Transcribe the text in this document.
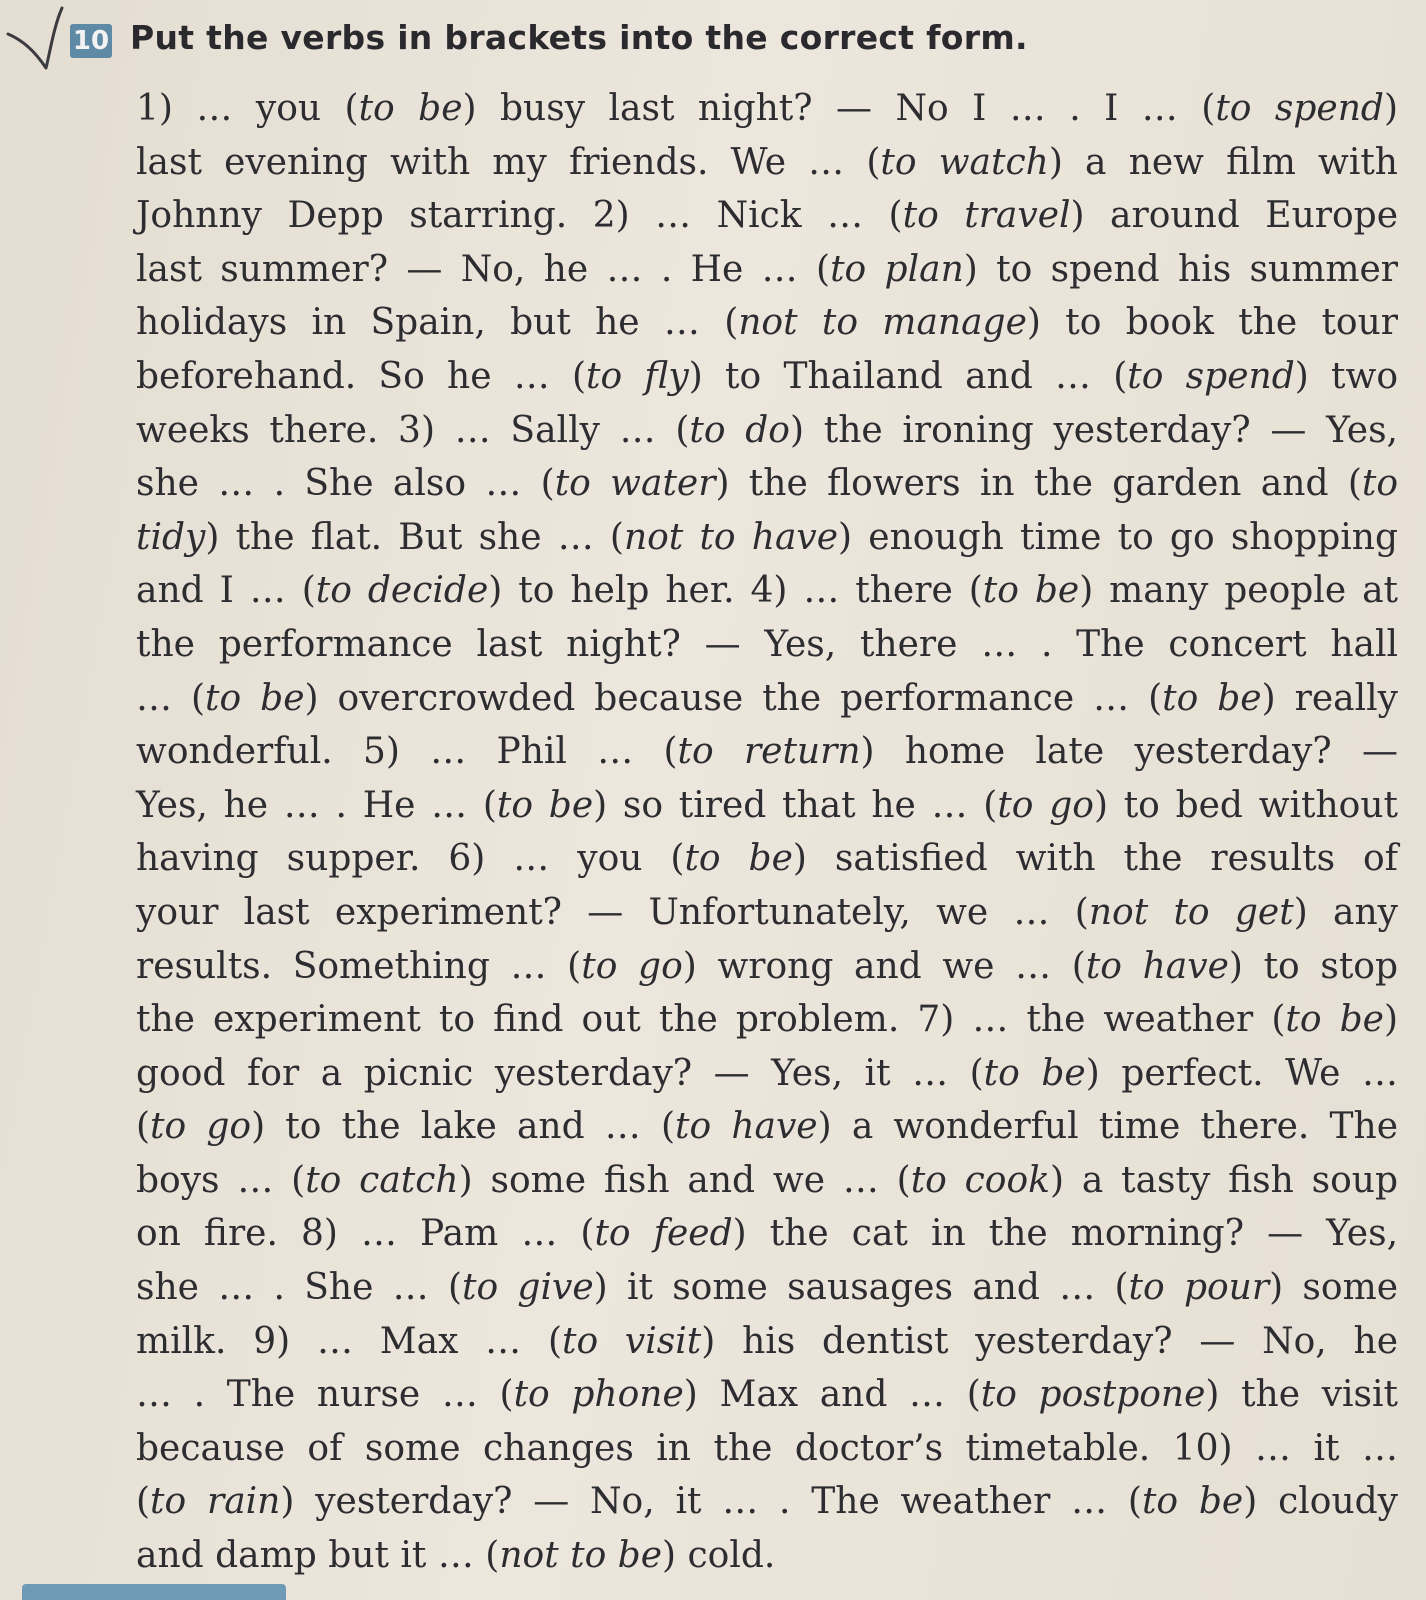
10 Put the verbs in brackets into the correct form.
1) … you (to be) busy last night? — No I … . I … (to spend)
last evening with my friends. We … (to watch) a new film with
Johnny Depp starring. 2) … Nick … (to travel) around Europe
last summer? — No, he … . He … (to plan) to spend his summer
holidays in Spain, but he … (not to manage) to book the tour
beforehand. So he … (to fly) to Thailand and … (to spend) two
weeks there. 3) … Sally … (to do) the ironing yesterday? — Yes,
she … . She also … (to water) the flowers in the garden and (to
tidy) the flat. But she … (not to have) enough time to go shopping
and I … (to decide) to help her. 4) … there (to be) many people at
the performance last night? — Yes, there … . The concert hall
… (to be) overcrowded because the performance … (to be) really
wonderful. 5) … Phil … (to return) home late yesterday? —
Yes, he … . He … (to be) so tired that he … (to go) to bed without
having supper. 6) … you (to be) satisfied with the results of
your last experiment? — Unfortunately, we … (not to get) any
results. Something … (to go) wrong and we … (to have) to stop
the experiment to find out the problem. 7) … the weather (to be)
good for a picnic yesterday? — Yes, it … (to be) perfect. We …
(to go) to the lake and … (to have) a wonderful time there. The
boys … (to catch) some fish and we … (to cook) a tasty fish soup
on fire. 8) … Pam … (to feed) the cat in the morning? — Yes,
she … . She … (to give) it some sausages and … (to pour) some
milk. 9) … Max … (to visit) his dentist yesterday? — No, he
… . The nurse … (to phone) Max and … (to postpone) the visit
because of some changes in the doctor’s timetable. 10) … it …
(to rain) yesterday? — No, it … . The weather … (to be) cloudy
and damp but it … (not to be) cold.
